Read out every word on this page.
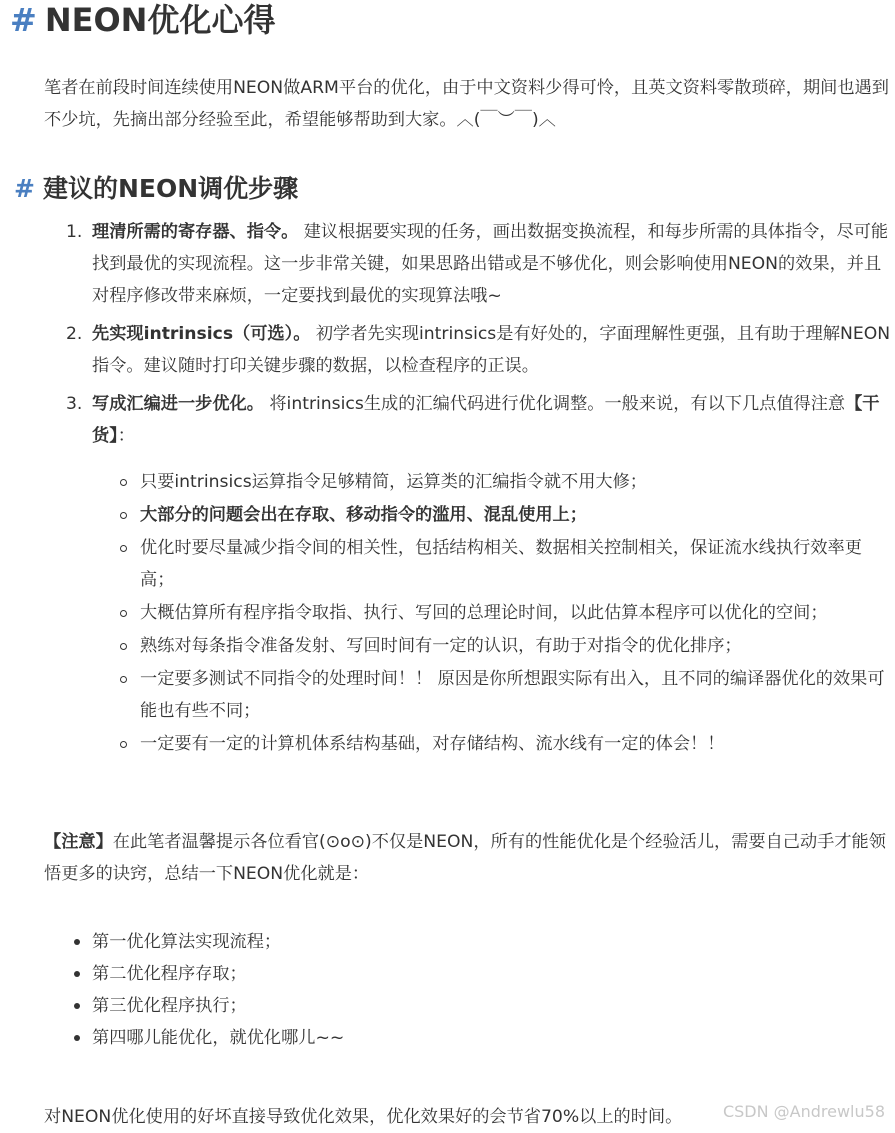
# NEON优化心得

笔者在前段时间连续使用NEON做ARM平台的优化，由于中文资料少得可怜，且英文资料零散琐碎，期间也遇到不少坑，先摘出部分经验至此，希望能够帮助到大家。︿(￣︶￣)︿

# 建议的NEON调优步骤
1. 理清所需的寄存器、指令。 建议根据要实现的任务，画出数据变换流程，和每步所需的具体指令，尽可能找到最优的实现流程。这一步非常关键，如果思路出错或是不够优化，则会影响使用NEON的效果，并且对程序修改带来麻烦，一定要找到最优的实现算法哦~
2. 先实现intrinsics（可选）。 初学者先实现intrinsics是有好处的，字面理解性更强，且有助于理解NEON指令。建议随时打印关键步骤的数据，以检查程序的正误。
3. 写成汇编进一步优化。 将intrinsics生成的汇编代码进行优化调整。一般来说，有以下几点值得注意【干货】：
只要intrinsics运算指令足够精简，运算类的汇编指令就不用大修；
大部分的问题会出在存取、移动指令的滥用、混乱使用上；
优化时要尽量减少指令间的相关性，包括结构相关、数据相关控制相关，保证流水线执行效率更高；
大概估算所有程序指令取指、执行、写回的总理论时间，以此估算本程序可以优化的空间；
熟练对每条指令准备发射、写回时间有一定的认识，有助于对指令的优化排序；
一定要多测试不同指令的处理时间！！ 原因是你所想跟实际有出入，且不同的编译器优化的效果可能也有些不同；
一定要有一定的计算机体系结构基础，对存储结构、流水线有一定的体会！！

【注意】在此笔者温馨提示各位看官(⊙o⊙)不仅是NEON，所有的性能优化是个经验活儿，需要自己动手才能领悟更多的诀窍，总结一下NEON优化就是：

第一优化算法实现流程；
第二优化程序存取；
第三优化程序执行；
第四哪儿能优化，就优化哪儿~~

对NEON优化使用的好坏直接导致优化效果，优化效果好的会节省70%以上的时间。	CSDN @Andrewlu58
